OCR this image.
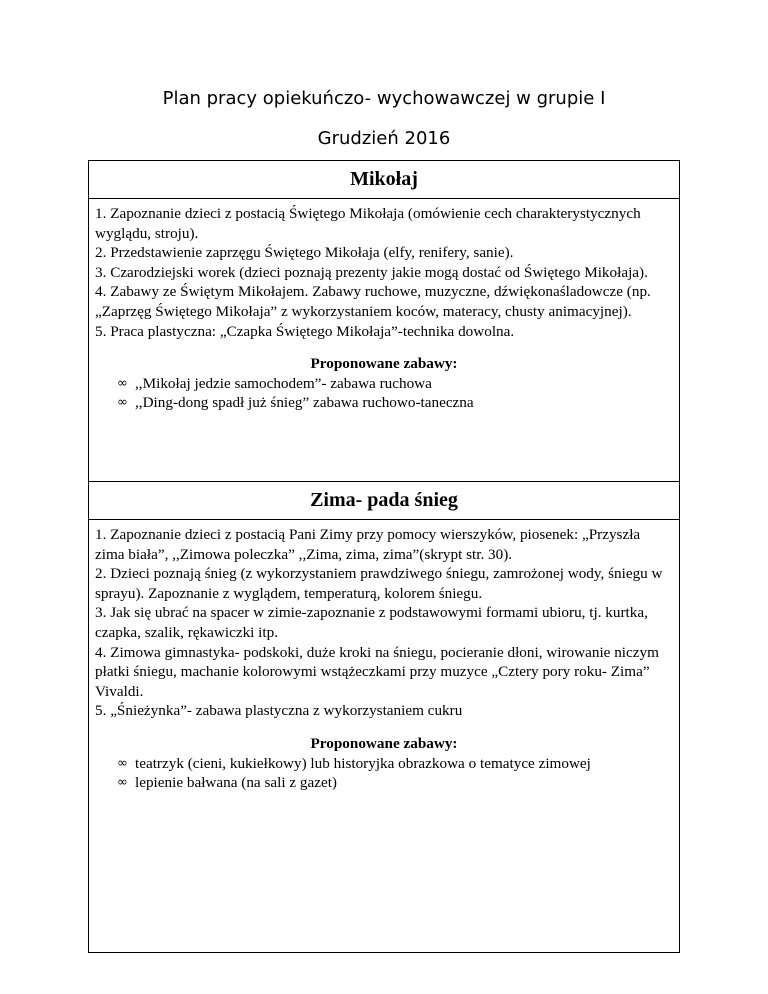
Plan pracy opiekuńczo- wychowawczej w grupie I
Grudzień 2016
Mikołaj

1. Zapoznanie dzieci z postacią Świętego Mikołaja (omówienie cech charakterystycznych wyglądu, stroju).

2. Przedstawienie zaprzęgu Świętego Mikołaja (elfy, renifery, sanie).

3. Czarodziejski worek (dzieci poznają prezenty jakie mogą dostać od Świętego Mikołaja).

4. Zabawy ze Świętym Mikołajem. Zabawy ruchowe, muzyczne, dźwiękonaśladowcze (np. „Zaprzęg Świętego Mikołaja” z wykorzystaniem koców, materacy, chusty animacyjnej).

5. Praca plastyczna: „Czapka Świętego Mikołaja”-technika dowolna.

Proponowane zabawy:

∞ ,,Mikołaj jedzie samochodem”- zabawa ruchowa
∞ ,,Ding-dong spadł już śnieg” zabawa ruchowo-taneczna
Zima- pada śnieg

1. Zapoznanie dzieci z postacią Pani Zimy przy pomocy wierszyków, piosenek: „Przyszła zima biała”, ,,Zimowa poleczka” ,,Zima, zima, zima”(skrypt str. 30).

2. Dzieci poznają śnieg (z wykorzystaniem prawdziwego śniegu, zamrożonej wody, śniegu w sprayu). Zapoznanie z wyglądem, temperaturą, kolorem śniegu.

3. Jak się ubrać na spacer w zimie-zapoznanie z podstawowymi formami ubioru, tj. kurtka, czapka, szalik, rękawiczki itp.

4. Zimowa gimnastyka- podskoki, duże kroki na śniegu, pocieranie dłoni, wirowanie niczym płatki śniegu, machanie kolorowymi wstążeczkami przy muzyce „Cztery pory roku- Zima” Vivaldi.

5. „Śnieżynka”- zabawa plastyczna z wykorzystaniem cukru

Proponowane zabawy:

∞ teatrzyk (cieni, kukiełkowy) lub historyjka obrazkowa o tematyce zimowej
∞ lepienie bałwana (na sali z gazet)
